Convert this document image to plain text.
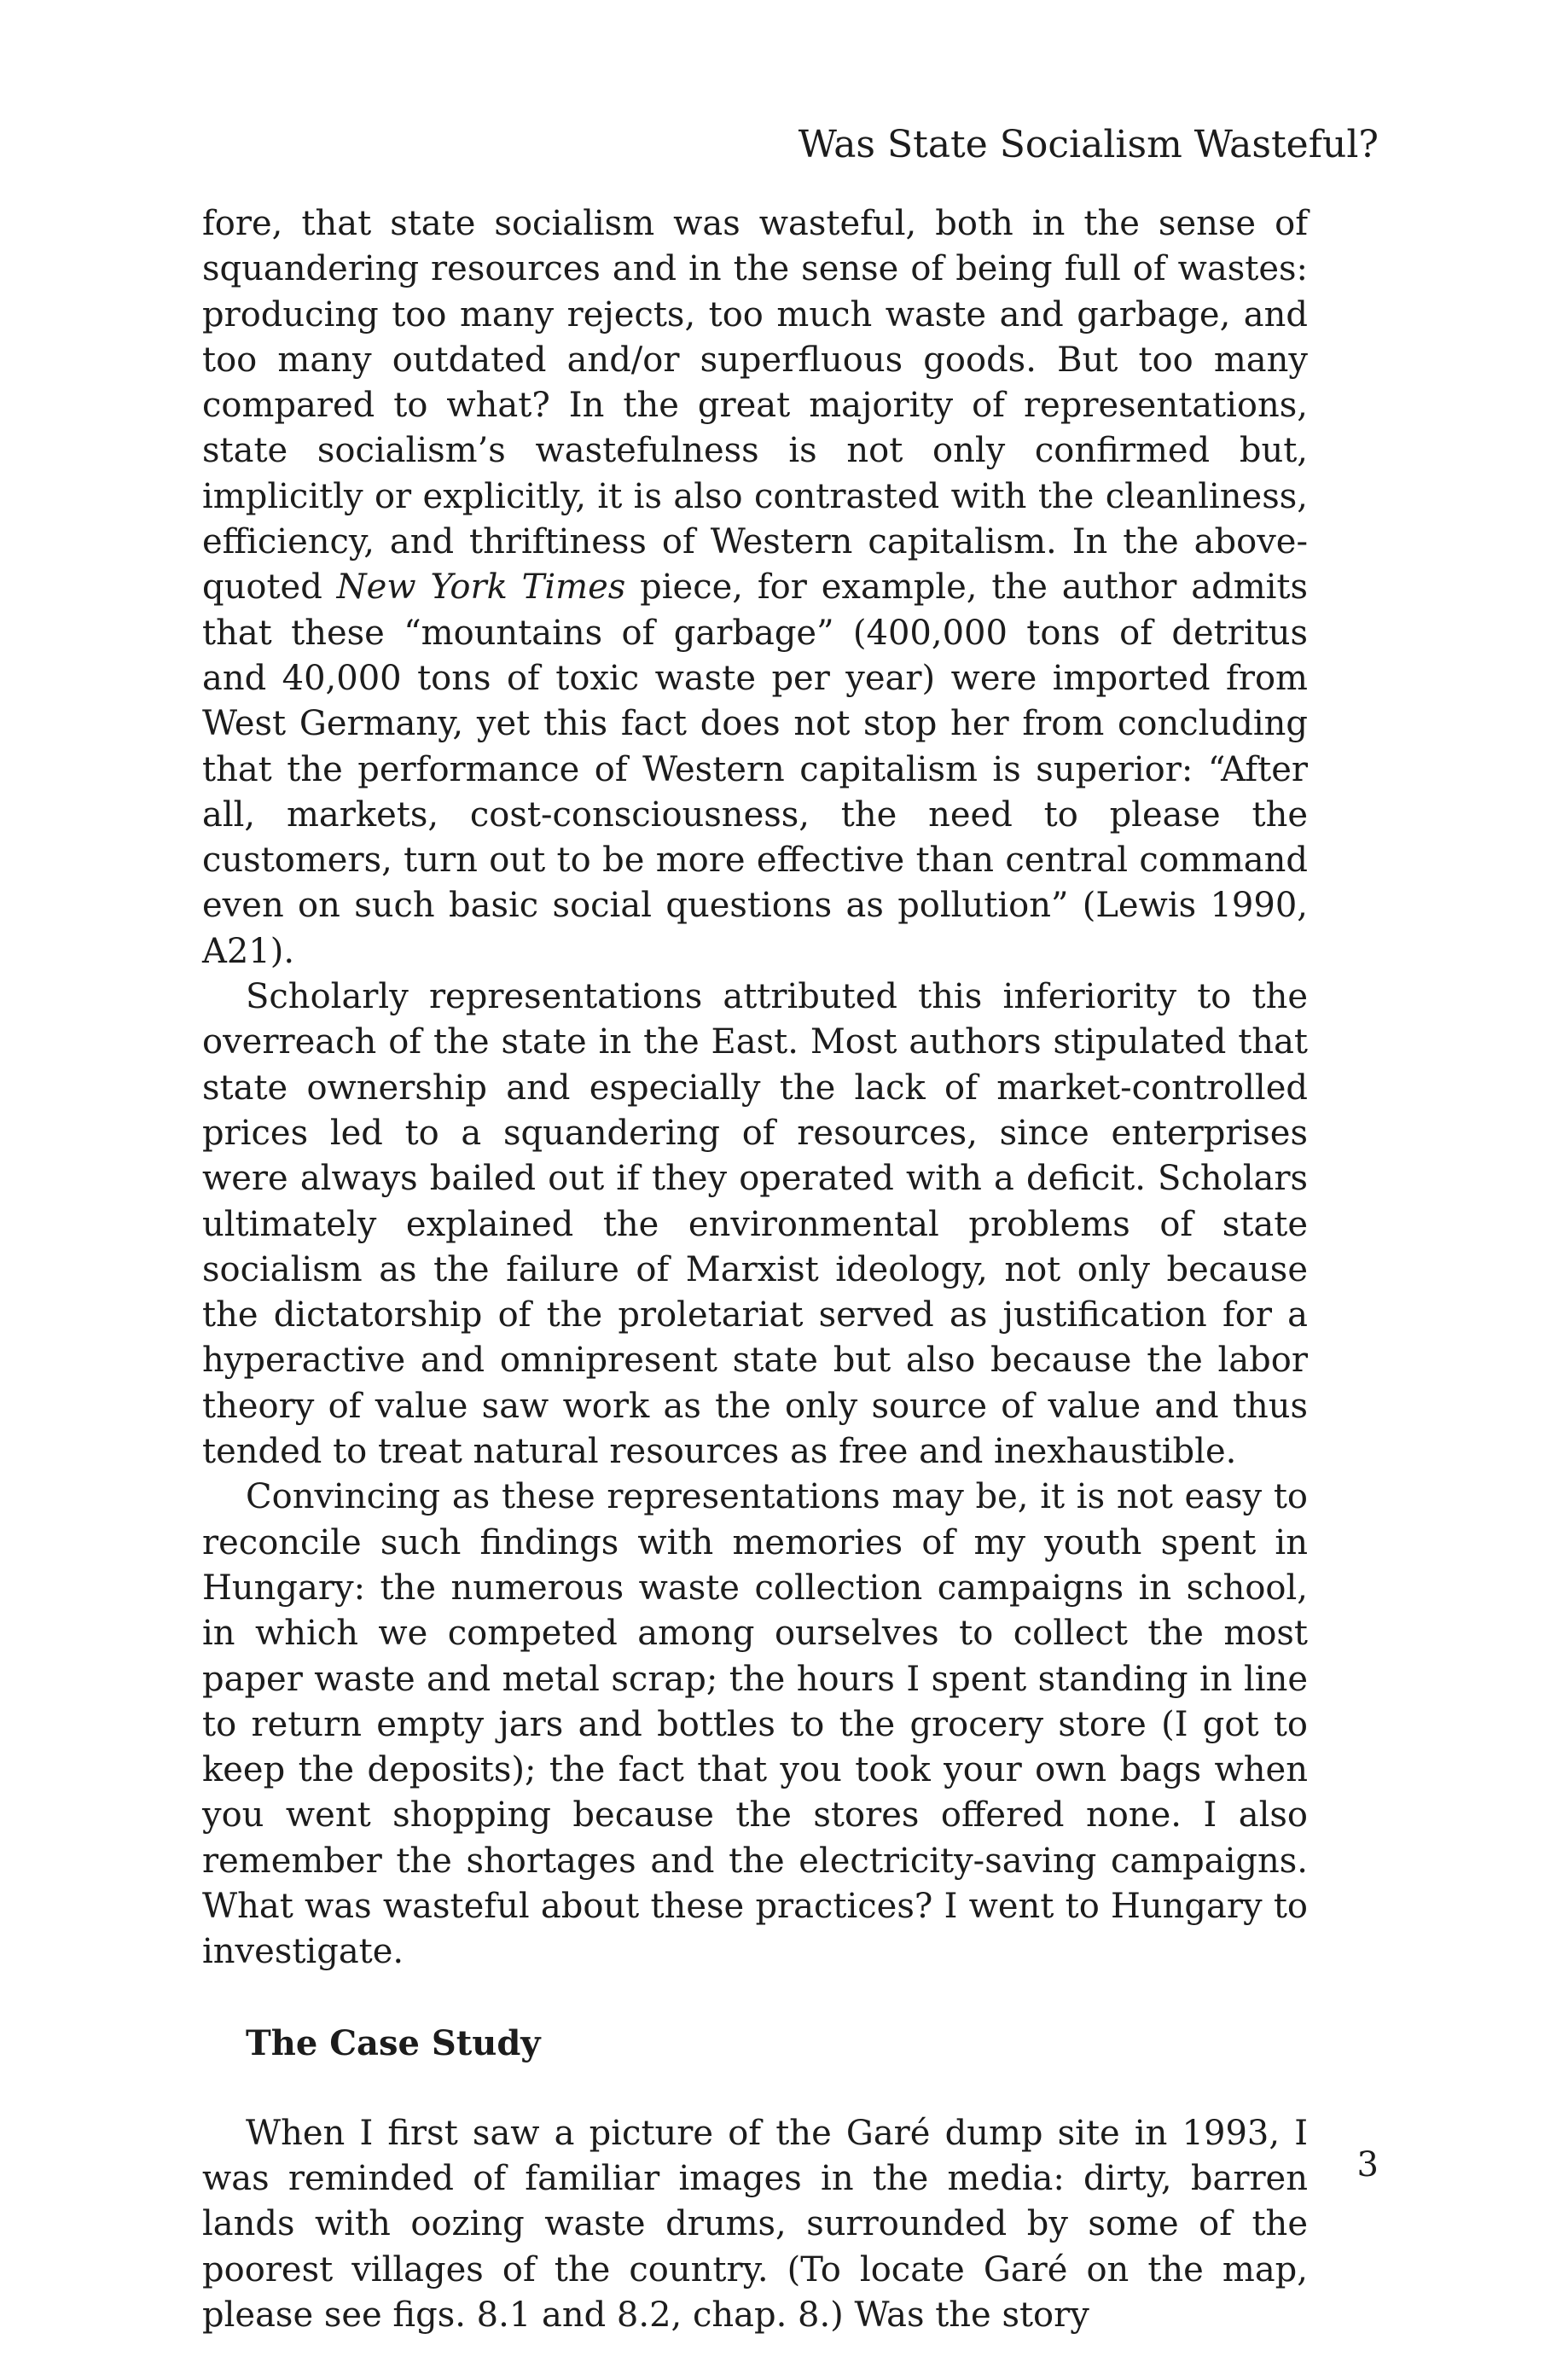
Was State Socialism Wasteful?

fore, that state socialism was wasteful, both in the sense of squandering resources and in the sense of being full of wastes: producing too many rejects, too much waste and garbage, and too many outdated and/or superfluous goods. But too many compared to what? In the great majority of representations, state socialism’s wastefulness is not only confirmed but, implicitly or explicitly, it is also contrasted with the cleanliness, efficiency, and thriftiness of Western capitalism. In the above-quoted New York Times piece, for example, the author admits that these “mountains of garbage” (400,000 tons of detritus and 40,000 tons of toxic waste per year) were imported from West Germany, yet this fact does not stop her from concluding that the performance of Western capitalism is superior: “After all, markets, cost-consciousness, the need to please the customers, turn out to be more effective than central command even on such basic social questions as pollution” (Lewis 1990, A21).

Scholarly representations attributed this inferiority to the overreach of the state in the East. Most authors stipulated that state ownership and especially the lack of market-controlled prices led to a squandering of resources, since enterprises were always bailed out if they operated with a deficit. Scholars ultimately explained the environmental problems of state socialism as the failure of Marxist ideology, not only because the dictatorship of the proletariat served as justification for a hyperactive and omnipresent state but also because the labor theory of value saw work as the only source of value and thus tended to treat natural resources as free and inexhaustible.

Convincing as these representations may be, it is not easy to reconcile such findings with memories of my youth spent in Hungary: the numerous waste collection campaigns in school, in which we competed among ourselves to collect the most paper waste and metal scrap; the hours I spent standing in line to return empty jars and bottles to the grocery store (I got to keep the deposits); the fact that you took your own bags when you went shopping because the stores offered none. I also remember the shortages and the electricity-saving campaigns. What was wasteful about these practices? I went to Hungary to investigate.

The Case Study

When I first saw a picture of the Garé dump site in 1993, I was reminded of familiar images in the media: dirty, barren lands with oozing waste drums, surrounded by some of the poorest villages of the country. (To locate Garé on the map, please see figs. 8.1 and 8.2, chap. 8.) Was the story

3
